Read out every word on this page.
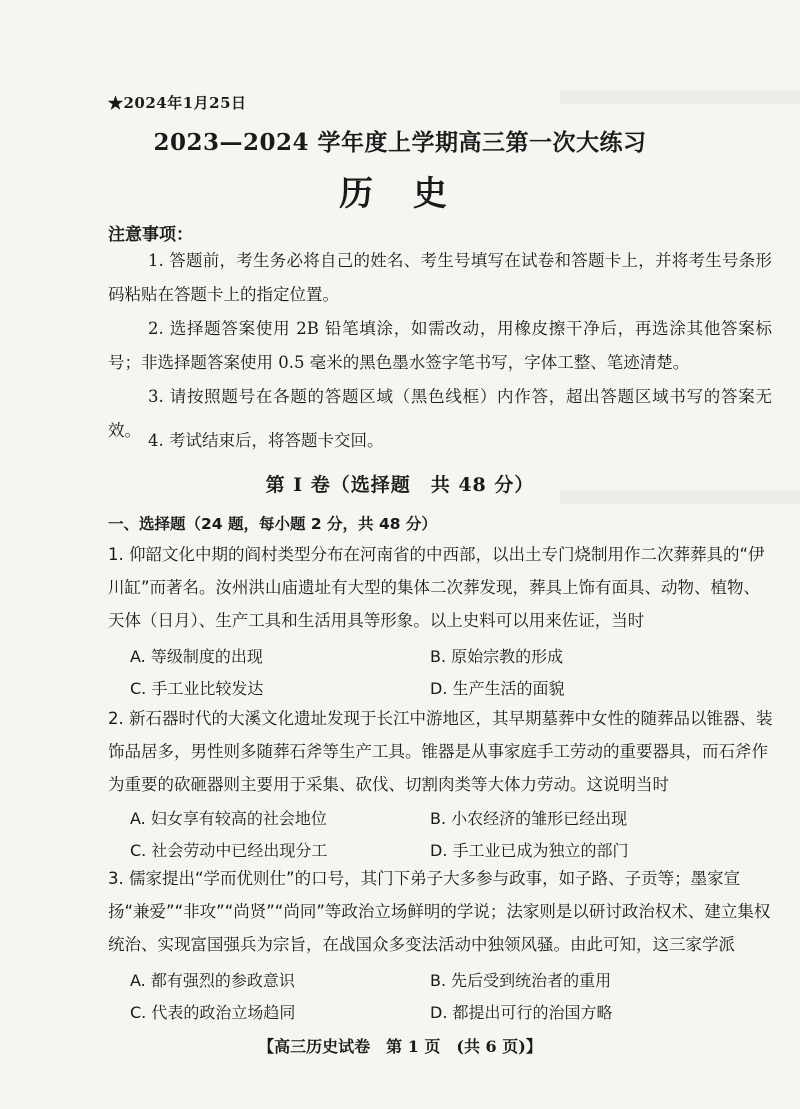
★2024年1月25日
2023—2024 学年度上学期高三第一次大练习
历 史
注意事项：
1. 答题前，考生务必将自己的姓名、考生号填写在试卷和答题卡上，并将考生号条形码粘贴在答题卡上的指定位置。
2. 选择题答案使用 2B 铅笔填涂，如需改动，用橡皮擦干净后，再选涂其他答案标号；非选择题答案使用 0.5 毫米的黑色墨水签字笔书写，字体工整、笔迹清楚。
3. 请按照题号在各题的答题区域（黑色线框）内作答，超出答题区域书写的答案无效。
4. 考试结束后，将答题卡交回。
第 I 卷（选择题　共 48 分）
一、选择题（24 题，每小题 2 分，共 48 分）
1. 仰韶文化中期的阎村类型分布在河南省的中西部，以出土专门烧制用作二次葬葬具的“伊川缸”而著名。汝州洪山庙遗址有大型的集体二次葬发现，葬具上饰有面具、动物、植物、天体（日月）、生产工具和生活用具等形象。以上史料可以用来佐证，当时
A. 等级制度的出现	B. 原始宗教的形成
C. 手工业比较发达	D. 生产生活的面貌
2. 新石器时代的大溪文化遗址发现于长江中游地区，其早期墓葬中女性的随葬品以锥器、装饰品居多，男性则多随葬石斧等生产工具。锥器是从事家庭手工劳动的重要器具，而石斧作为重要的砍砸器则主要用于采集、砍伐、切割肉类等大体力劳动。这说明当时
A. 妇女享有较高的社会地位	B. 小农经济的雏形已经出现
C. 社会劳动中已经出现分工	D. 手工业已成为独立的部门
3. 儒家提出“学而优则仕”的口号，其门下弟子大多参与政事，如子路、子贡等；墨家宣扬“兼爱”“非攻”“尚贤”“尚同”等政治立场鲜明的学说；法家则是以研讨政治权术、建立集权统治、实现富国强兵为宗旨，在战国众多变法活动中独领风骚。由此可知，这三家学派
A. 都有强烈的参政意识	B. 先后受到统治者的重用
C. 代表的政治立场趋同	D. 都提出可行的治国方略
【高三历史试卷　第 1 页　(共 6 页)】
